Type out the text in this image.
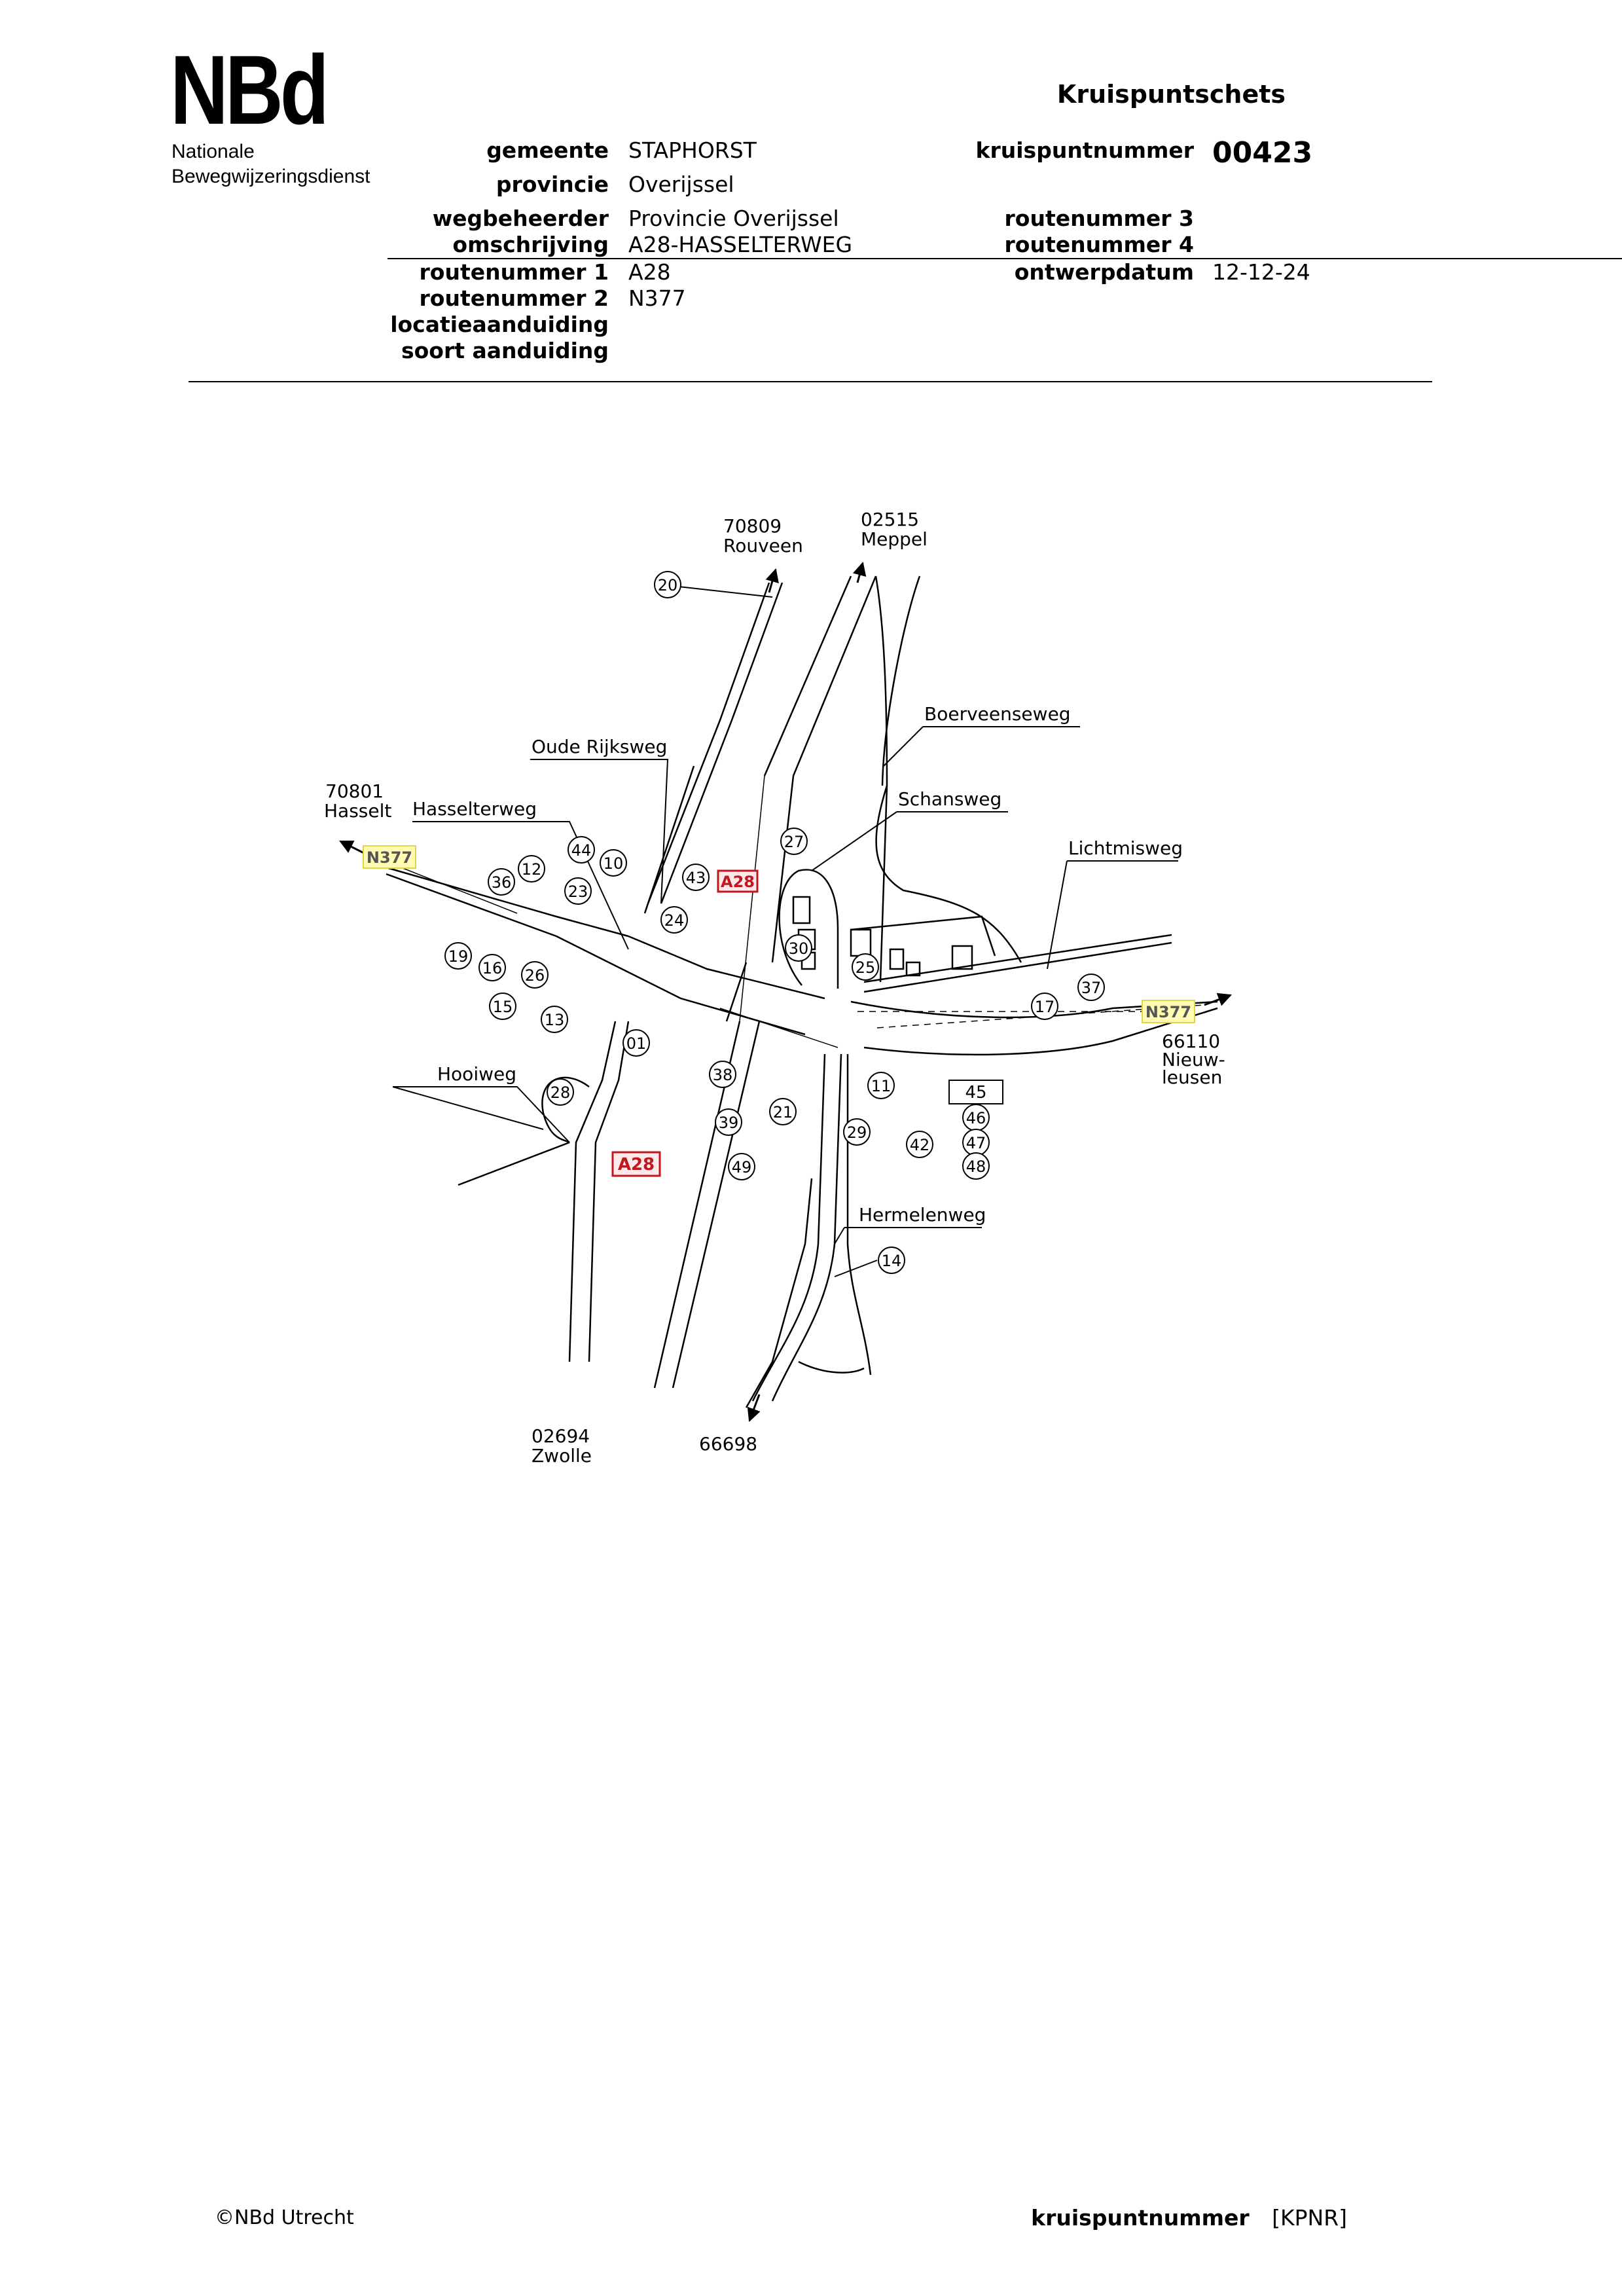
NBd
Nationale
Bewegwijzeringsdienst
Kruispuntschets
gemeente
provincie
wegbeheerder
omschrijving
routenummer 1
routenummer 2
locatieaanduiding
soort aanduiding
STAPHORST
Overijssel
Provincie Overijssel
A28-HASSELTERWEG
A28
N377
kruispuntnummer
routenummer 3
routenummer 4
ontwerpdatum
00423
12-12-24
Oude Rijksweg
Hasselterweg
Boerveenseweg
Schansweg
Lichtmisweg
Hooiweg
Hermelenweg
70809
Rouveen
02515
Meppel
70801
Hasselt
66110
Nieuw-
leusen
02694
Zwolle
66698
A28
A28
N377
N377
45
20
44
10
12
36	23
24
43
27
30
25
19
16 26
15
13
01
38
39
21
49
29
11
42
17
37
14
28
46
47
48
©NBd Utrecht	kruispuntnummer [KPNR]
